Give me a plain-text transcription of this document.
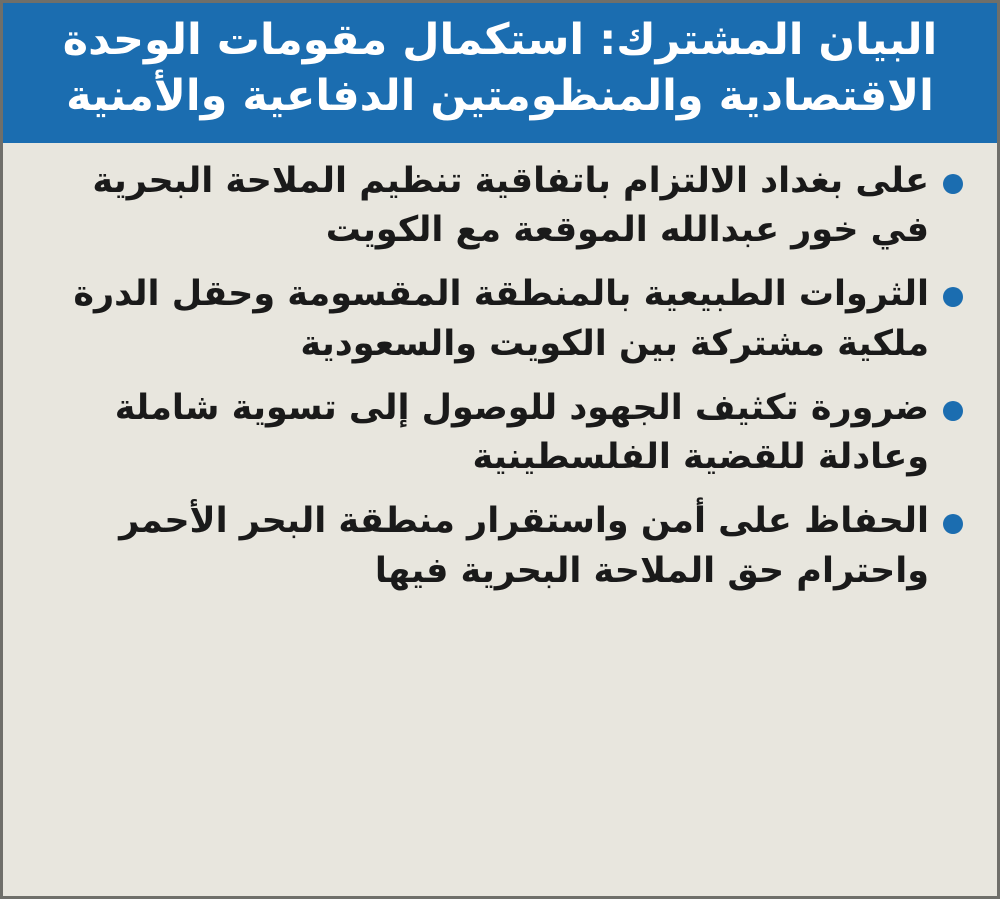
البيان المشترك: استكمال مقومات الوحدة الاقتصادية والمنظومتين الدفاعية والأمنية
على بغداد الالتزام باتفاقية تنظيم الملاحة البحرية في خور عبدالله الموقعة مع الكويت
الثروات الطبيعية بالمنطقة المقسومة وحقل الدرة ملكية مشتركة بين الكويت والسعودية
ضرورة تكثيف الجهود للوصول إلى تسوية شاملة وعادلة للقضية الفلسطينية
الحفاظ على أمن واستقرار منطقة البحر الأحمر واحترام حق الملاحة البحرية فيها
